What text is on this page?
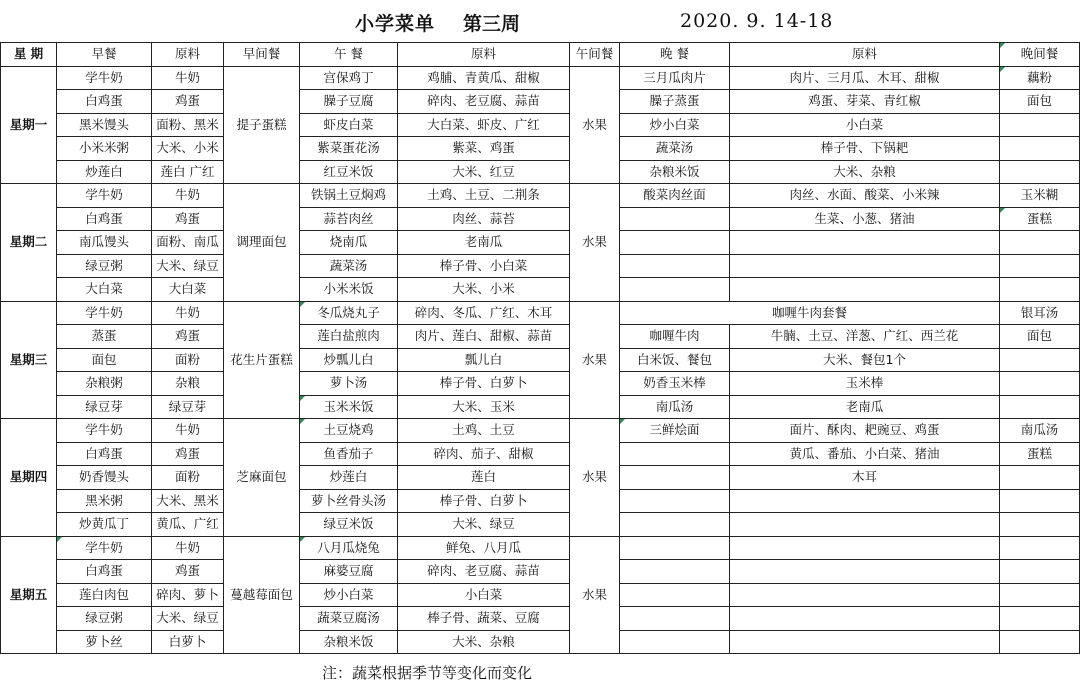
小学菜单 第三周	2020. 9. 14-18
星 期	早餐	原料	早间餐	午 餐	原料	午间餐	晚 餐	原料	晚间餐
星期一	学牛奶	牛奶	提子蛋糕	宫保鸡丁	鸡脯、青黄瓜、甜椒	水果	三月瓜肉片	肉片、三月瓜、木耳、甜椒	藕粉
	白鸡蛋	鸡蛋		臊子豆腐	碎肉、老豆腐、蒜苗		臊子蒸蛋	鸡蛋、芽菜、青红椒	面包
	黑米馒头	面粉、黑米		虾皮白菜	大白菜、虾皮、广红		炒小白菜	小白菜	
	小米米粥	大米、小米		紫菜蛋花汤	紫菜、鸡蛋		蔬菜汤	棒子骨、下锅耙	
	炒莲白	莲白 广红		红豆米饭	大米、红豆		杂粮米饭	大米、杂粮	
星期二	学牛奶	牛奶	调理面包	铁锅土豆焖鸡	土鸡、土豆、二荆条	水果	酸菜肉丝面	肉丝、水面、酸菜、小米辣	玉米糊
	白鸡蛋	鸡蛋		蒜苔肉丝	肉丝、蒜苔			生菜、小葱、猪油	蛋糕
	南瓜馒头	面粉、南瓜		烧南瓜	老南瓜				
	绿豆粥	大米、绿豆		蔬菜汤	棒子骨、小白菜				
	大白菜	大白菜		小米米饭	大米、小米				
星期三	学牛奶	牛奶	花生片蛋糕	冬瓜烧丸子	碎肉、冬瓜、广红、木耳	水果	咖喱牛肉套餐		银耳汤
	蒸蛋	鸡蛋		莲白盐煎肉	肉片、莲白、甜椒、蒜苗		咖喱牛肉	牛腩、土豆、洋葱、广红、西兰花	面包
	面包	面粉		炒瓢儿白	瓢儿白		白米饭、餐包	大米、餐包1个	
	杂粮粥	杂粮		萝卜汤	棒子骨、白萝卜		奶香玉米棒	玉米棒	
	绿豆芽	绿豆芽		玉米米饭	大米、玉米		南瓜汤	老南瓜	
星期四	学牛奶	牛奶	芝麻面包	土豆烧鸡	土鸡、土豆	水果	三鲜烩面	面片、酥肉、耙豌豆、鸡蛋	南瓜汤
	白鸡蛋	鸡蛋		鱼香茄子	碎肉、茄子、甜椒			黄瓜、番茄、小白菜、猪油	蛋糕
	奶香馒头	面粉		炒莲白	莲白			木耳	
	黑米粥	大米、黑米		萝卜丝骨头汤	棒子骨、白萝卜				
	炒黄瓜丁	黄瓜、广红		绿豆米饭	大米、绿豆				
星期五	学牛奶	牛奶	蔓越莓面包	八月瓜烧兔	鲜兔、八月瓜	水果			
	白鸡蛋	鸡蛋		麻婆豆腐	碎肉、老豆腐、蒜苗				
	莲白肉包	碎肉、萝卜		炒小白菜	小白菜				
	绿豆粥	大米、绿豆		蔬菜豆腐汤	棒子骨、蔬菜、豆腐				
	萝卜丝	白萝卜		杂粮米饭	大米、杂粮				
注：蔬菜根据季节等变化而变化
